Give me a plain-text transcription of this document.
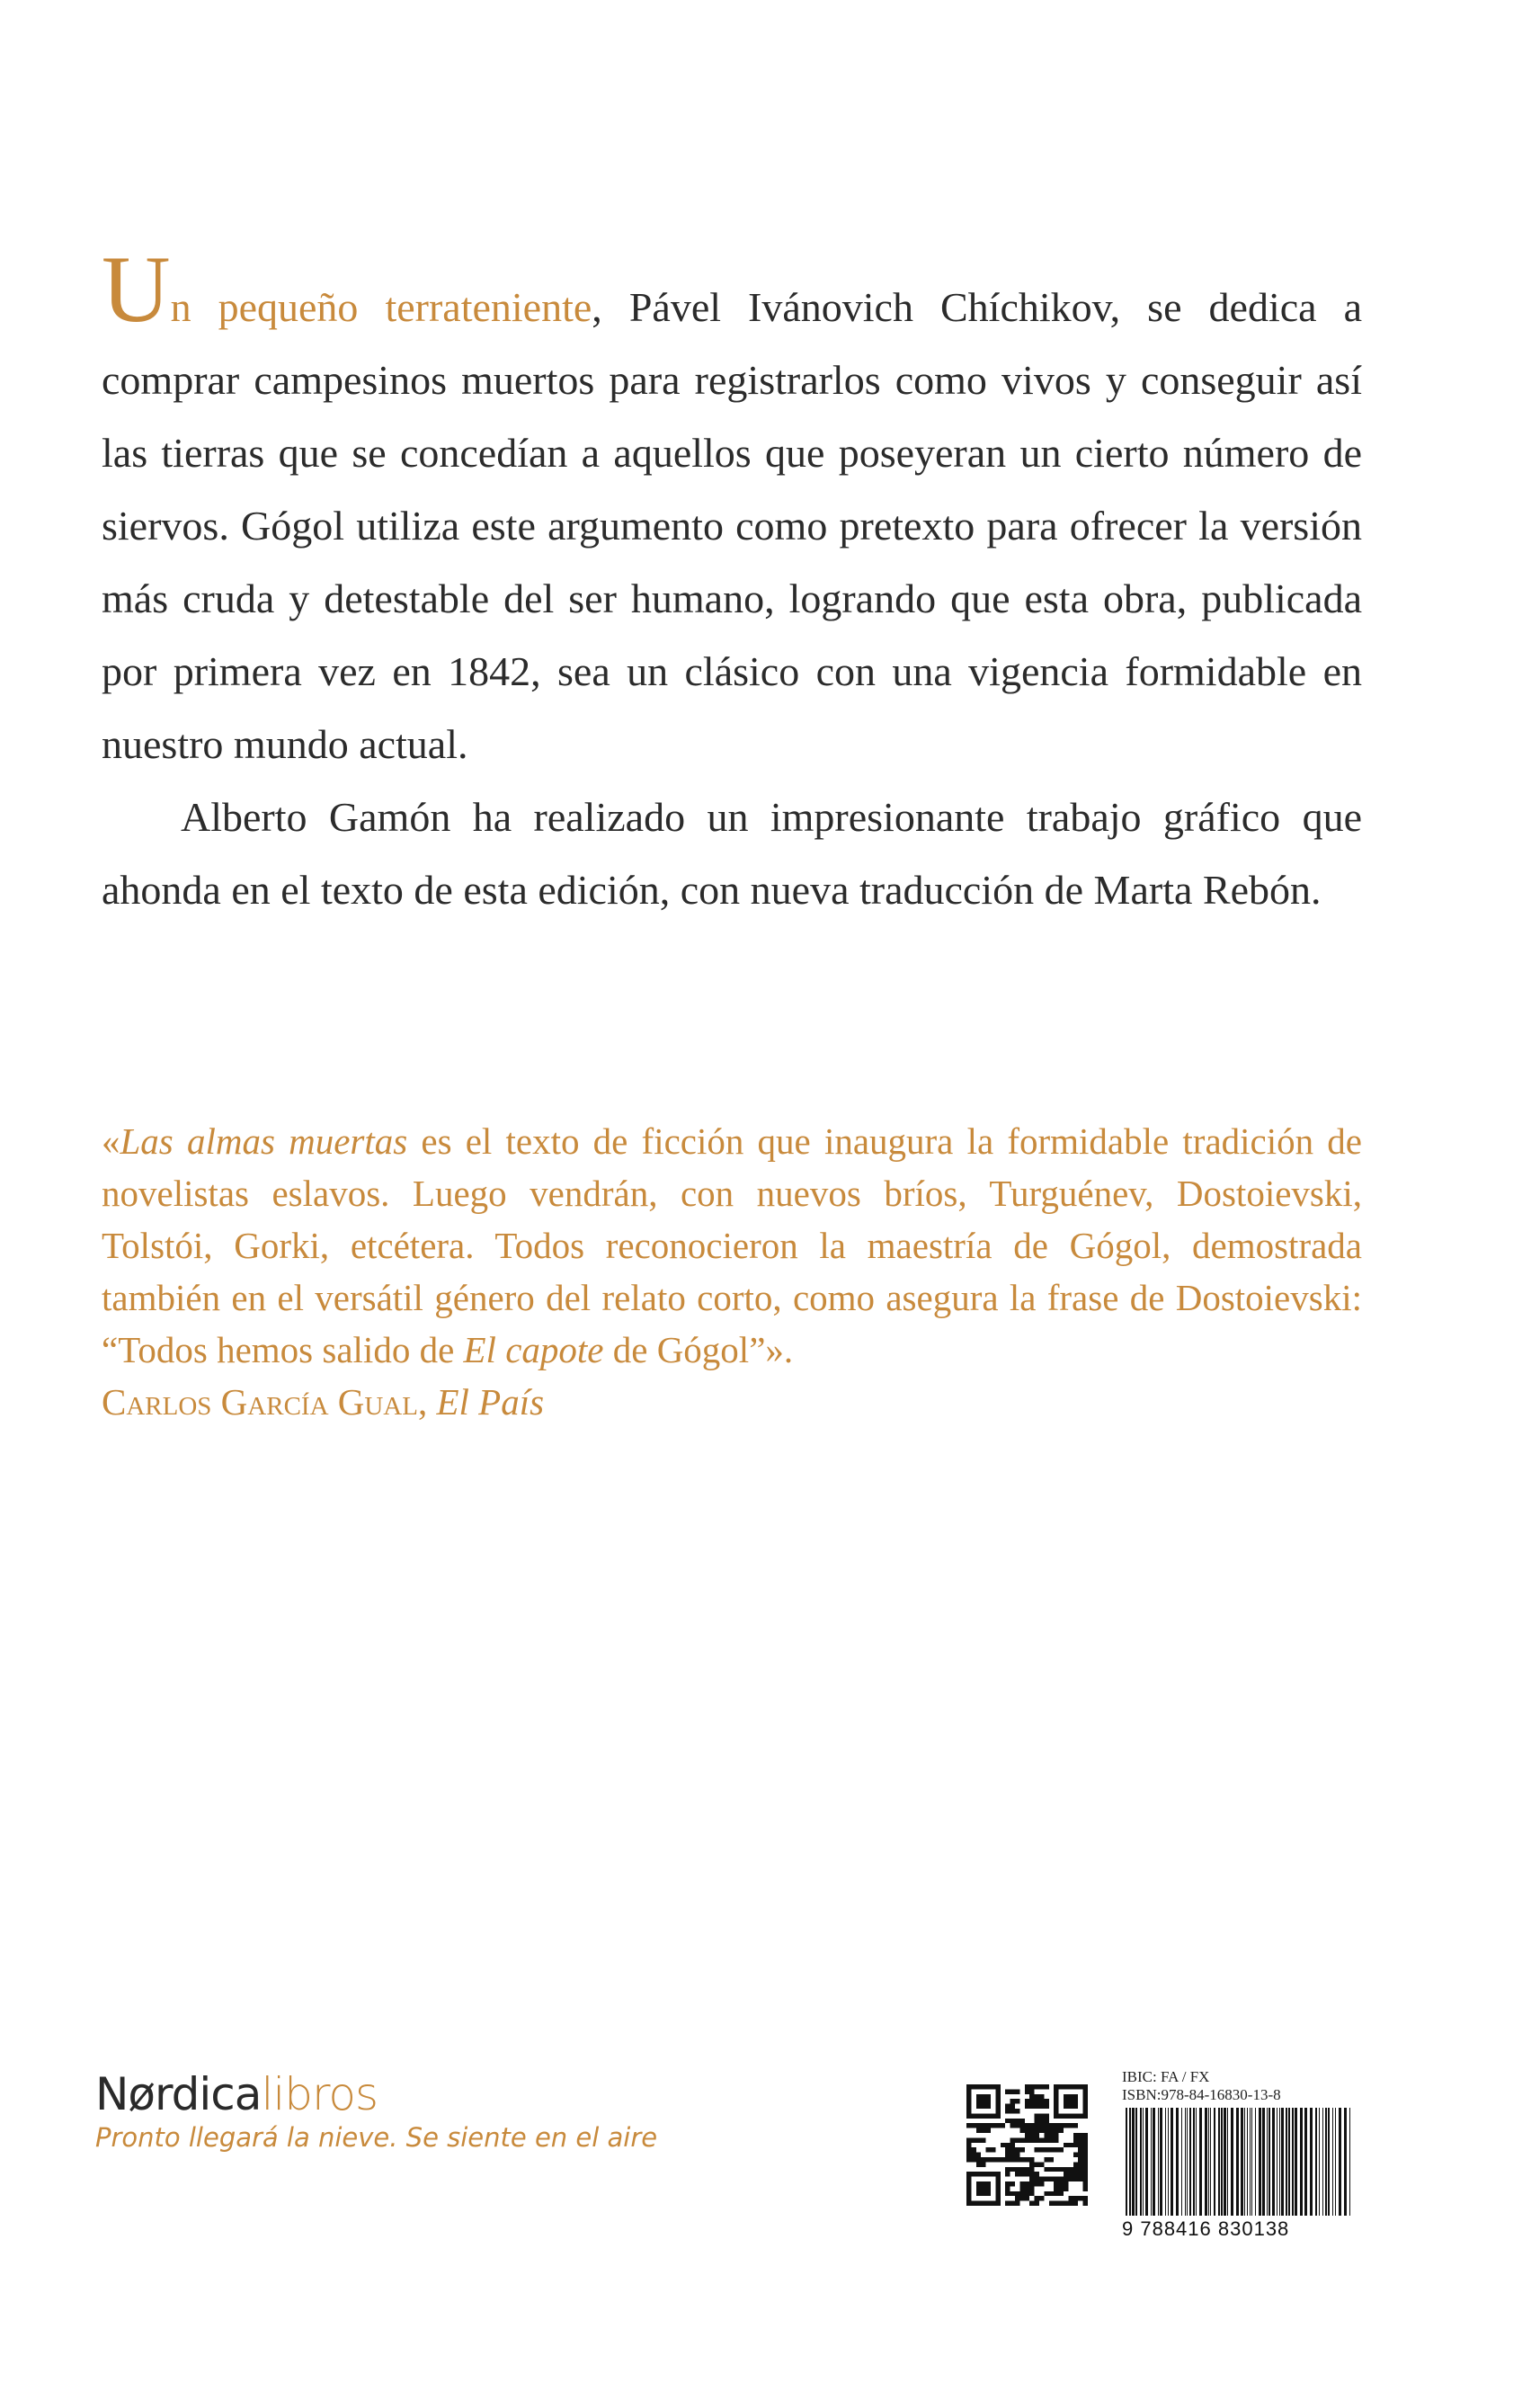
Un pequeño terrateniente, Pável Ivánovich Chíchikov, se dedica a comprar campesinos muertos para registrarlos como vivos y conseguir así las tierras que se concedían a aquellos que poseyeran un cierto número de siervos. Gógol utiliza este argumento como pretexto para ofrecer la versión más cruda y detestable del ser humano, logrando que esta obra, publicada por primera vez en 1842, sea un clásico con una vigencia formidable en nuestro mundo actual.

Alberto Gamón ha realizado un impresionante trabajo gráfico que ahonda en el texto de esta edición, con nueva traducción de Marta Rebón.

«Las almas muertas es el texto de ficción que inaugura la formidable tradición de novelistas eslavos. Luego vendrán, con nuevos bríos, Turguénev, Dostoievski, Tolstói, Gorki, etcétera. Todos reconocieron la maestría de Gógol, demostrada también en el versátil género del relato corto, como asegura la frase de Dostoievski: “Todos hemos salido de El capote de Gógol”».

Carlos García Gual, El País

Nørdicalibros
Pronto llegará la nieve. Se siente en el aire
IBIC: FA / FX
ISBN:978-84-16830-13-8
9 788416 830138
